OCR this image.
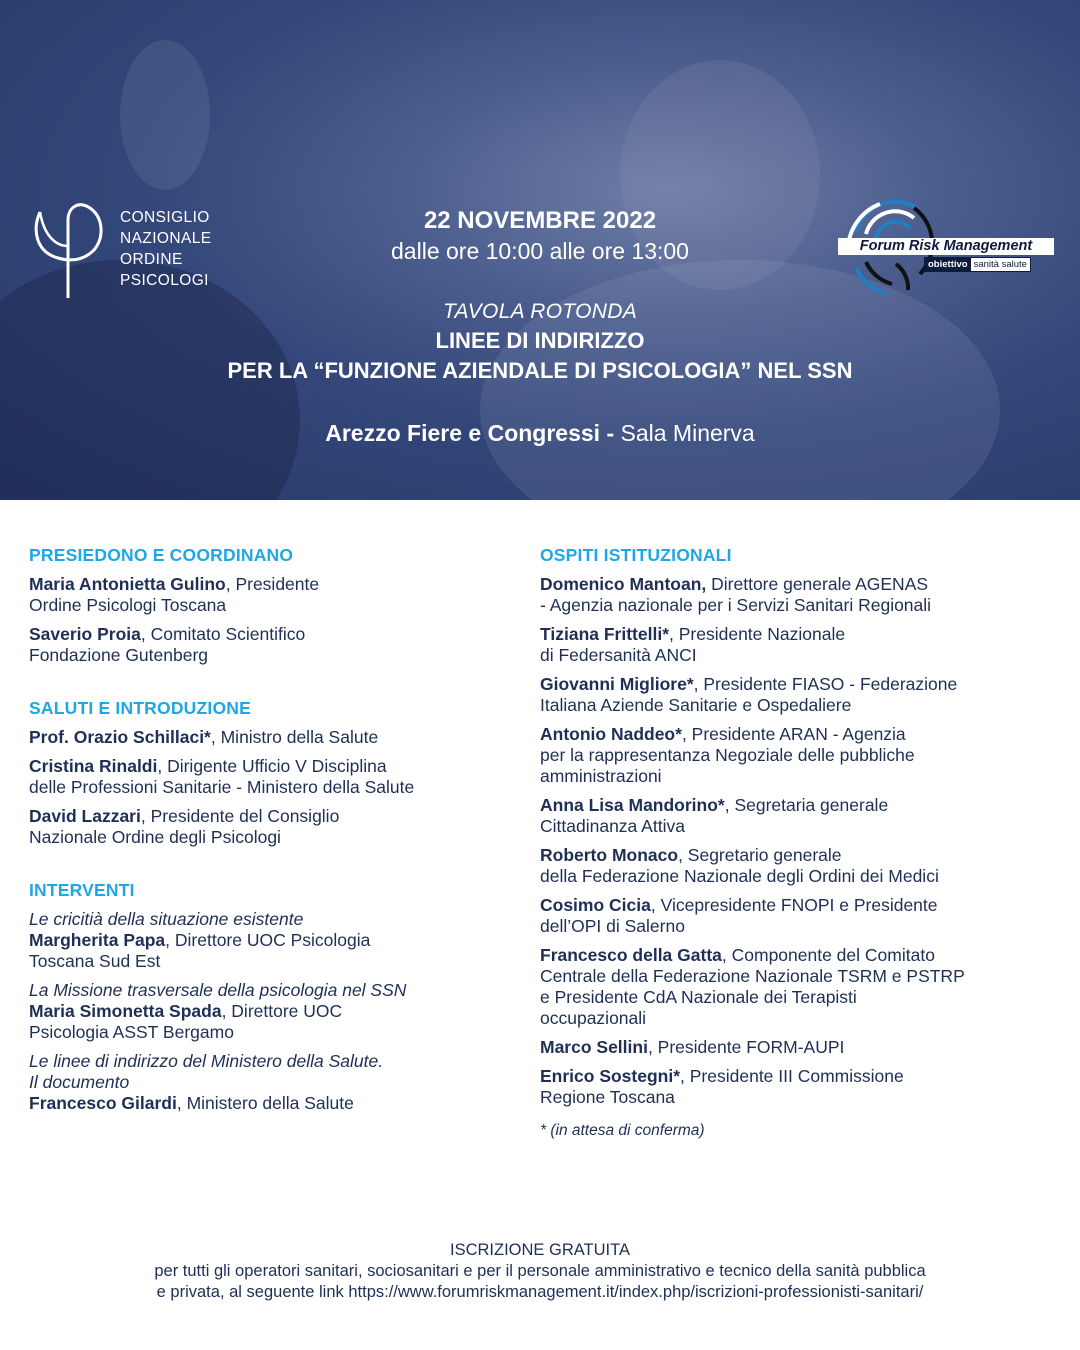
CONSIGLIO
NAZIONALE
ORDINE
PSICOLOGI
Forum Risk Management
obiettivo sanità salute
22 NOVEMBRE 2022
dalle ore 10:00 alle ore 13:00
TAVOLA ROTONDA
LINEE DI INDIRIZZO
PER LA “FUNZIONE AZIENDALE DI PSICOLOGIA” NEL SSN
Arezzo Fiere e Congressi - Sala Minerva
PRESIEDONO E COORDINANO
Maria Antonietta Gulino, Presidente
Ordine Psicologi Toscana
Saverio Proia, Comitato Scientifico
Fondazione Gutenberg
SALUTI E INTRODUZIONE
Prof. Orazio Schillaci*, Ministro della Salute
Cristina Rinaldi, Dirigente Ufficio V Disciplina
delle Professioni Sanitarie - Ministero della Salute
David Lazzari, Presidente del Consiglio
Nazionale Ordine degli Psicologi
INTERVENTI
Le cricitià della situazione esistente
Margherita Papa, Direttore UOC Psicologia
Toscana Sud Est
La Missione trasversale della psicologia nel SSN
Maria Simonetta Spada, Direttore UOC
Psicologia ASST Bergamo
Le linee di indirizzo del Ministero della Salute.
Il documento
Francesco Gilardi, Ministero della Salute
OSPITI ISTITUZIONALI
Domenico Mantoan, Direttore generale AGENAS
- Agenzia nazionale per i Servizi Sanitari Regionali
Tiziana Frittelli*, Presidente Nazionale
di Federsanità ANCI
Giovanni Migliore*, Presidente FIASO - Federazione
Italiana Aziende Sanitarie e Ospedaliere
Antonio Naddeo*, Presidente ARAN - Agenzia
per la rappresentanza Negoziale delle pubbliche
amministrazioni
Anna Lisa Mandorino*, Segretaria generale
Cittadinanza Attiva
Roberto Monaco, Segretario generale
della Federazione Nazionale degli Ordini dei Medici
Cosimo Cicia, Vicepresidente FNOPI e Presidente
dell’OPI di Salerno
Francesco della Gatta, Componente del Comitato
Centrale della Federazione Nazionale TSRM e PSTRP
e Presidente CdA Nazionale dei Terapisti
occupazionali
Marco Sellini, Presidente FORM-AUPI
Enrico Sostegni*, Presidente III Commissione
Regione Toscana
* (in attesa di conferma)
ISCRIZIONE GRATUITA
per tutti gli operatori sanitari, sociosanitari e per il personale amministrativo e tecnico della sanità pubblica
e privata, al seguente link https://www.forumriskmanagement.it/index.php/iscrizioni-professionisti-sanitari/
